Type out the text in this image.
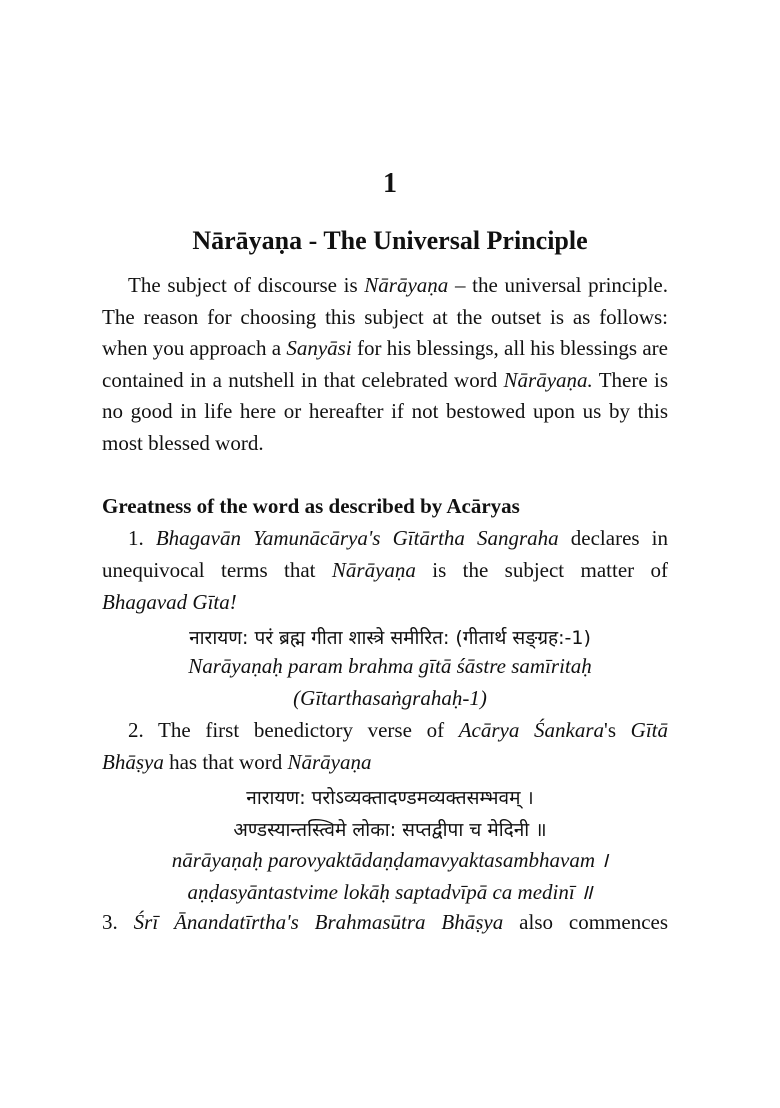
1
Nārāyaṇa - The Universal Principle

The subject of discourse is Nārāyaṇa – the universal principle. The reason for choosing this subject at the outset is as follows: when you approach a Sanyāsi for his blessings, all his blessings are contained in a nutshell in that celebrated word Nārāyaṇa. There is no good in life here or hereafter if not bestowed upon us by this most blessed word.

Greatness of the word as described by Acāryas
1. Bhagavān Yamunācārya's Gītārtha Sangraha declares in
unequivocal terms that Nārāyaṇa is the subject matter of
Bhagavad Gīta!
नारायण: परं ब्रह्म गीता शास्त्रे समीरित: (गीतार्थ सङ्ग्रह:-1)
Narāyaṇaḥ param brahma gītā śāstre samīritaḥ
(Gītarthasaṅgrahaḥ-1)
2. The first benedictory verse of Acārya Śankara's Gītā
Bhāṣya has that word Nārāyaṇa
नारायण: परोऽव्यक्तादण्डमव्यक्तसम्भवम् ।
अण्डस्यान्तस्त्विमे लोका: सप्तद्वीपा च मेदिनी ॥
nārāyaṇaḥ parovyaktādaṇḍamavyaktasambhavam ।
aṇḍasyāntastvime lokāḥ saptadvīpā ca medinī ॥
3. Śrī Ānandatīrtha's Brahmasūtra Bhāṣya also commences
